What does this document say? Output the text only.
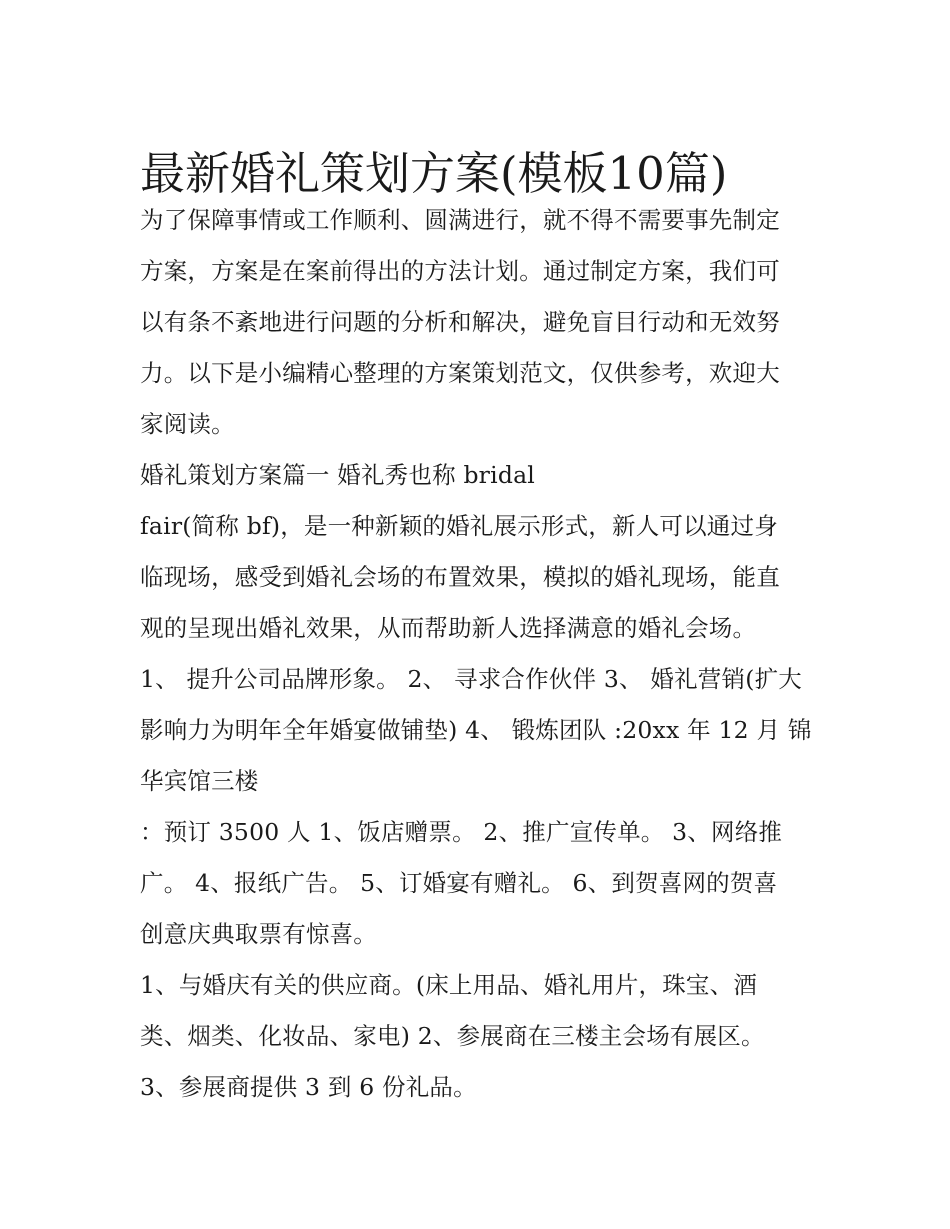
最新婚礼策划方案(模板10篇)
为了保障事情或工作顺利、圆满进行，就不得不需要事先制定
方案，方案是在案前得出的方法计划。通过制定方案，我们可
以有条不紊地进行问题的分析和解决，避免盲目行动和无效努
力。以下是小编精心整理的方案策划范文，仅供参考，欢迎大
家阅读。
婚礼策划方案篇一 婚礼秀也称 bridal
fair(简称 bf)，是一种新颖的婚礼展示形式，新人可以通过身
临现场，感受到婚礼会场的布置效果，模拟的婚礼现场，能直
观的呈现出婚礼效果，从而帮助新人选择满意的婚礼会场。
1、 提升公司品牌形象。 2、 寻求合作伙伴 3、 婚礼营销(扩大
影响力为明年全年婚宴做铺垫) 4、 锻炼团队 :20xx 年 12 月 锦
华宾馆三楼
：预订 3500 人 1、饭店赠票。 2、推广宣传单。 3、网络推
广。 4、报纸广告。 5、订婚宴有赠礼。 6、到贺喜网的贺喜
创意庆典取票有惊喜。
1、与婚庆有关的供应商。(床上用品、婚礼用片，珠宝、酒
类、烟类、化妆品、家电) 2、参展商在三楼主会场有展区。
3、参展商提供 3 到 6 份礼品。
